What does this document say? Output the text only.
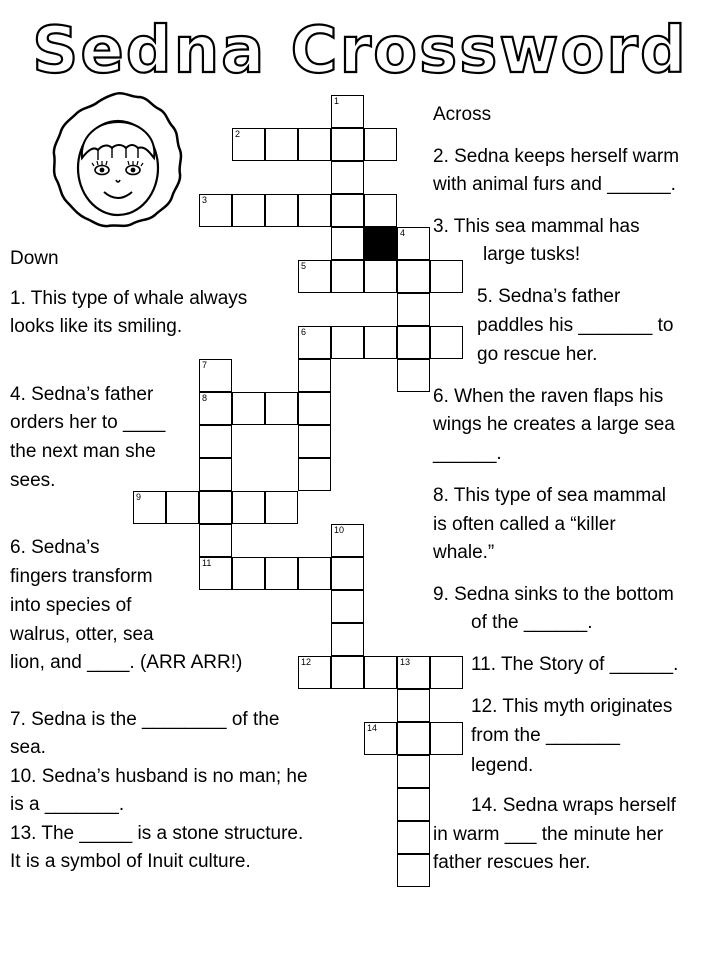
Sedna Crossword
2
3
5
6
8
9
11
12	13
14
1
4
7
10
Across
Down
2. Sedna keeps herself warm
with animal furs and ______.
3. This sea mammal has
large tusks!
5. Sedna’s father
paddles his _______ to
go rescue her.
6. When the raven flaps his
wings he creates a large sea
______.
8. This type of sea mammal
is often called a “killer
whale.”
9. Sedna sinks to the bottom
of the ______.
11. The Story of ______.
12. This myth originates
from the _______
legend.
14. Sedna wraps herself
in warm ___ the minute her
father rescues her.
1. This type of whale always
looks like its smiling.
4. Sedna’s father
orders her to ____
the next man she
sees.
6. Sedna’s
fingers transform
into species of
walrus, otter, sea
lion, and ____. (ARR ARR!)
7. Sedna is the ________ of the
sea.
10. Sedna’s husband is no man; he
is a _______.
13. The _____ is a stone structure.
It is a symbol of Inuit culture.
